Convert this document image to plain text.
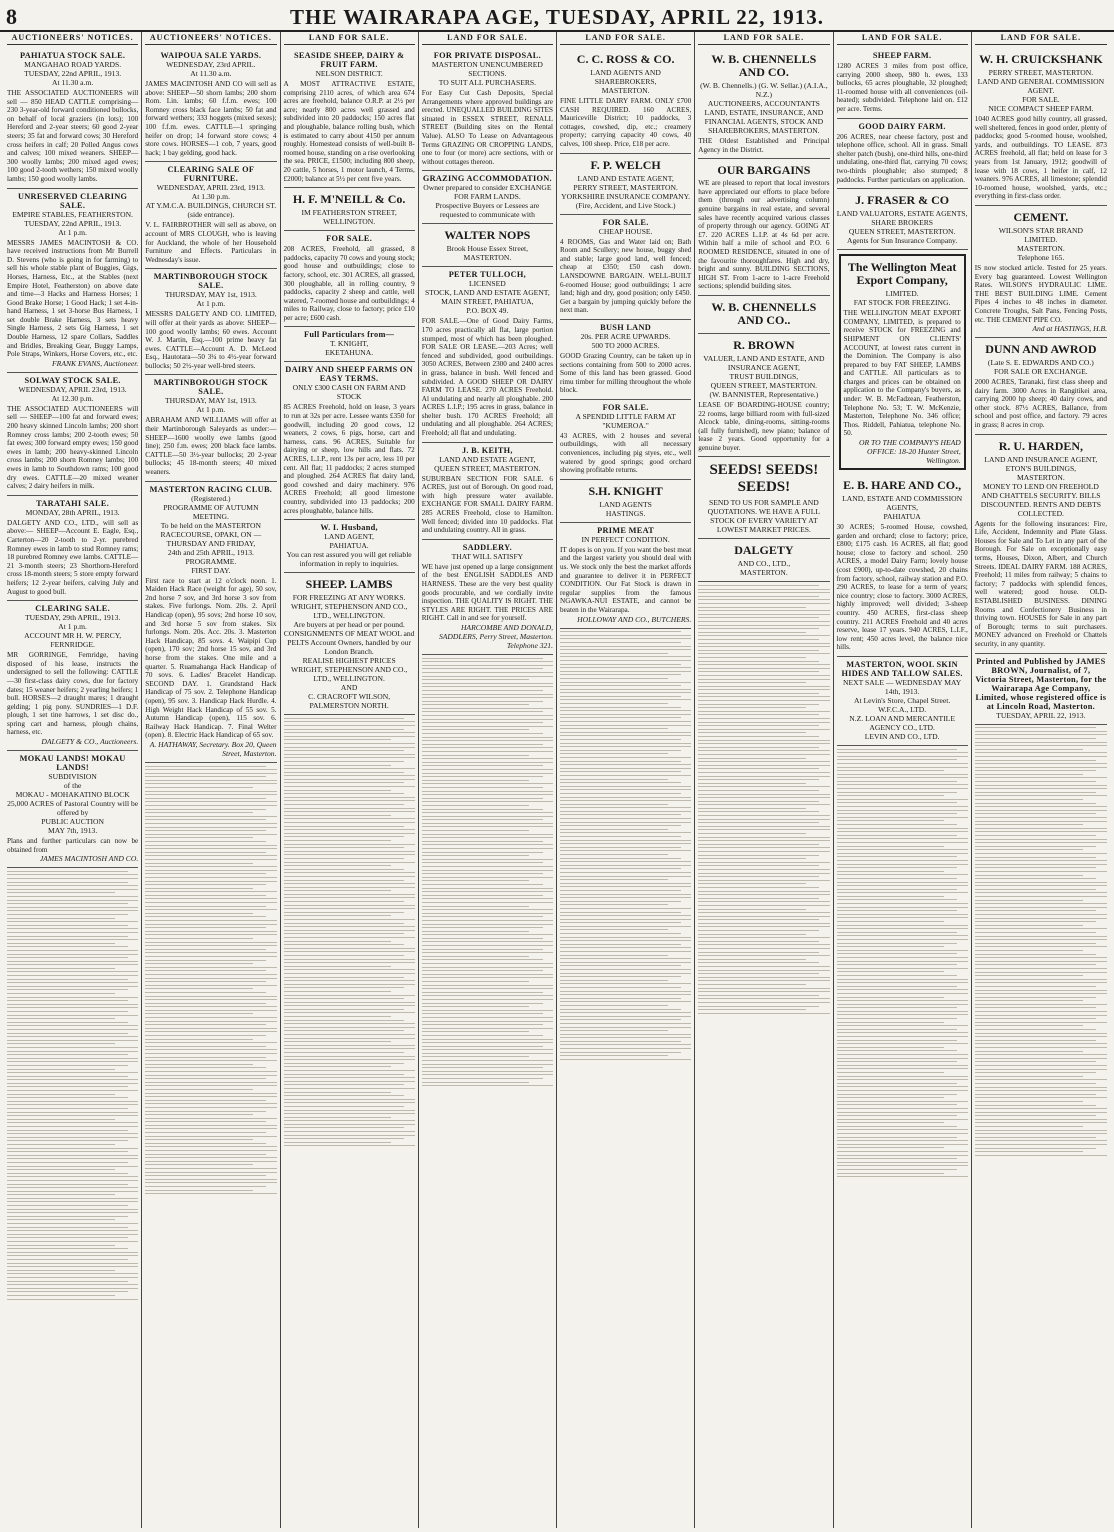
8	THE WAIRARAPA AGE, TUESDAY, APRIL 22, 1913.
AUCTIONEERS' NOTICES.
PAHIATUA STOCK SALE.
MANGAHAO ROAD YARDS.
TUESDAY, 22nd APRIL, 1913.
At 11.30 a.m.
THE ASSOCIATED AUCTIONEERS will sell — 850 HEAD CATTLE comprising—230 3-year-old forward conditioned bullocks, on behalf of local graziers (in lots); 100 Hereford and 2-year steers; 60 good 2-year steers; 35 fat and forward cows; 30 Hereford cross heifers in calf; 20 Polled Angus cows and calves; 100 mixed weaners. SHEEP—300 woolly lambs; 200 mixed aged ewes; 100 good 2-tooth wethers; 150 mixed woolly lambs; 150 good woolly lambs.
UNRESERVED CLEARING SALE.
EMPIRE STABLES, FEATHERSTON.
TUESDAY, 22nd APRIL, 1913.
At 1 p.m.
MESSRS JAMES MACINTOSH & CO. have received instructions from Mr Burrell D. Stevens (who is going in for farming) to sell his whole stable plant of Buggies, Gigs, Horses, Harness, Etc., at the Stables (next Empire Hotel, Featherston) on above date and time—3 Hacks and Harness Horses; 1 Good Brake Horse; 1 Good Hack; 1 set 4-in-hand Harness, 1 set 3-horse Bus Harness, 1 set double Brake Harness, 3 sets heavy Single Harness, 2 sets Gig Harness, 1 set Double Harness, 12 spare Collars, Saddles and Bridles, Breaking Gear, Buggy Lamps, Pole Straps, Winkers, Horse Covers, etc., etc.
FRANK EVANS, Auctioneer.
SOLWAY STOCK SALE.
WEDNESDAY, APRIL 23rd, 1913.
At 12.30 p.m.
THE ASSOCIATED AUCTIONEERS will sell — SHEEP—100 fat and forward ewes; 200 heavy skinned Lincoln lambs; 200 short Romney cross lambs; 200 2-tooth ewes; 50 fat ewes; 300 forward empty ewes; 150 good ewes in lamb; 200 heavy-skinned Lincoln cross lambs; 200 shorn Romney lambs; 100 ewes in lamb to Southdown rams; 100 good dry ewes. CATTLE—20 mixed weaner calves; 2 dairy heifers in milk.
TARATAHI SALE.
MONDAY, 28th APRIL, 1913.
DALGETY AND CO., LTD., will sell as above:— SHEEP—Account E. Eagle, Esq., Carterton—20 2-tooth to 2-yr. purebred Romney ewes in lamb to stud Romney rams; 18 purebred Romney ewe lambs. CATTLE—21 3-month steers; 23 Shorthorn-Hereford cross 18-month steers; 5 store empty forward heifers; 12 2-year heifers, calving July and August to good bull.
CLEARING SALE.
TUESDAY, 29th APRIL, 1913.
At 1 p.m.
ACCOUNT MR H. W. PERCY, FERNRIDGE.
MR GORRINGE, Fernridge, having disposed of his lease, instructs the undersigned to sell the following: CATTLE—30 first-class dairy cows, due for factory dates; 15 weaner heifers; 2 yearling heifers; 1 bull. HORSES—2 draught mares; 1 draught gelding; 1 pig pony. SUNDRIES—1 D.F. plough, 1 set tine harrows, 1 set disc do., spring cart and harness, plough chains, harness, etc.
DALGETY & CO., Auctioneers.
MOKAU LANDS! MOKAU LANDS!
SUBDIVISION
of the
MOKAU - MOHAKATINO BLOCK
25,000 ACRES of Pastoral Country will be offered by
PUBLIC AUCTION
MAY 7th, 1913.
Plans and further particulars can now be obtained from
JAMES MACINTOSH AND CO.
AUCTIONEERS' NOTICES.
WAIPOUA SALE YARDS.
WEDNESDAY, 23rd APRIL.
At 11.30 a.m.
JAMES MACINTOSH AND CO will sell as above: SHEEP—50 shorn lambs; 200 shorn Rom. Lin. lambs; 60 f.f.m. ewes; 100 Romney cross black face lambs; 50 fat and forward wethers; 333 hoggets (mixed sexes); 100 f.f.m. ewes. CATTLE—1 springing heifer on drop; 14 forward store cows; 4 store cows. HORSES—1 cob, 7 years, good hack; 1 bay gelding, good hack.
CLEARING SALE OF FURNITURE.
WEDNESDAY, APRIL 23rd, 1913.
At 1.30 p.m.
AT Y.M.C.A. BUILDINGS, CHURCH ST. (side entrance).
V. L. FAIRBROTHER will sell as above, on account of MRS CLOUGH, who is leaving for Auckland, the whole of her Household Furniture and Effects. Particulars in Wednesday's issue.
MARTINBOROUGH STOCK SALE.
THURSDAY, MAY 1st, 1913.
At 1 p.m.
MESSRS DALGETY AND CO. LIMITED, will offer at their yards as above: SHEEP—100 good woolly lambs; 60 ewes. Account W. J. Martin, Esq.—100 prime heavy fat ewes. CATTLE—Account A. D. McLeod Esq., Hautotara—50 3¼ to 4½-year forward bullocks; 50 2½-year well-bred steers.
MARTINBOROUGH STOCK SALE.
THURSDAY, MAY 1st, 1913.
At 1 p.m.
ABRAHAM AND WILLIAMS will offer at their Martinborough Saleyards as under:— SHEEP—1600 woolly ewe lambs (good line); 250 f.m. ewes; 200 black face lambs. CATTLE—50 3½-year bullocks; 20 2-year bullocks; 45 18-month steers; 40 mixed weaners.
MASTERTON RACING CLUB.
(Registered.)
PROGRAMME OF AUTUMN MEETING.
To be held on the MASTERTON RACECOURSE, OPAKI, ON —
THURSDAY AND FRIDAY,
24th and 25th APRIL, 1913.
PROGRAMME.
FIRST DAY.
First race to start at 12 o'clock noon. 1. Maiden Hack Race (weight for age), 50 sov, 2nd horse 7 sov, and 3rd horse 3 sov from stakes. Five furlongs. Nom. 20s. 2. April Handicap (open), 95 sovs; 2nd horse 10 sov, and 3rd horse 5 sov from stakes. Six furlongs. Nom. 20s. Acc. 20s. 3. Masterton Hack Handicap, 85 sovs. 4. Waipipi Cup (open), 170 sov; 2nd horse 15 sov, and 3rd horse from the stakes. One mile and a quarter. 5. Ruamahanga Hack Handicap of 70 sovs. 6. Ladies' Bracelet Handicap. SECOND DAY. 1. Grandstand Hack Handicap of 75 sov. 2. Telephone Handicap (open), 95 sov. 3. Handicap Hack Hurdle. 4. High Weight Hack Handicap of 55 sov. 5. Autumn Handicap (open), 115 sov. 6. Railway Hack Handicap. 7. Final Welter (open). 8. Electric Hack Handicap of 65 sov.
A. HATHAWAY, Secretary. Box 20, Queen Street, Masterton.
LAND FOR SALE.
SEASIDE SHEEP, DAIRY & FRUIT FARM.
NELSON DISTRICT.
A MOST ATTRACTIVE ESTATE, comprising 2110 acres, of which area 674 acres are freehold, balance O.R.P. at 2½ per acre; nearly 800 acres well grassed and subdivided into 20 paddocks; 150 acres flat and ploughable, balance rolling bush, which is estimated to carry about 4150 per annum roughly. Homestead consists of well-built 8-roomed house, standing on a rise overlooking the sea. PRICE, £1500; including 800 sheep, 20 cattle, 5 horses, 1 motor launch, 4 Terms, £2000; balance at 5½ per cent five years.
H. F. M'NEILL & Co.
IM FEATHERSTON STREET, WELLINGTON.
FOR SALE.
208 ACRES, Freehold, all grassed, 8 paddocks, capacity 70 cows and young stock; good house and outbuildings; close to factory, school, etc. 301 ACRES, all grassed, 300 ploughable, all in rolling country, 9 paddocks, capacity 2 sheep and cattle, well watered, 7-roomed house and outbuildings; 4 miles to Railway, close to factory; price £10 per acre; £600 cash.
Full Particulars from—
T. KNIGHT,
EKETAHUNA.
DAIRY AND SHEEP FARMS ON EASY TERMS.
ONLY £300 CASH ON FARM AND STOCK
85 ACRES Freehold, hold on lease, 3 years to run at 32s per acre. Lessee wants £350 for goodwill, including 20 good cows, 12 weaners, 2 cows, 6 pigs, horse, cart and harness, cans. 96 ACRES, Suitable for dairying or sheep, low hills and flats. 72 ACRES, L.I.P., rent 13s per acre, less 10 per cent. All flat; 11 paddocks; 2 acres stumped and ploughed. 264 ACRES flat dairy land, good cowshed and dairy machinery. 976 ACRES Freehold; all good limestone country, subdivided into 13 paddocks; 200 acres ploughable, balance hills.
W. I. Husband,
LAND AGENT,
PAHIATUA.
You can rest assured you will get reliable information in reply to inquiries.
SHEEP. LAMBS
FOR FREEZING AT ANY WORKS.
WRIGHT, STEPHENSON AND CO., LTD., WELLINGTON.
Are buyers at per head or per pound.
CONSIGNMENTS OF MEAT WOOL and PELTS Account Owners, handled by our London Branch.
REALISE HIGHEST PRICES
WRIGHT, STEPHENSON AND CO., LTD., WELLINGTON.
AND
C. CRACROFT WILSON, PALMERSTON NORTH.
LAND FOR SALE.
FOR PRIVATE DISPOSAL.
MASTERTON UNENCUMBERED SECTIONS.
TO SUIT ALL PURCHASERS.
For Easy Cut Cash Deposits, Special Arrangements where approved buildings are erected. UNEQUALLED BUILDING SITES situated in ESSEX STREET, RENALL STREET (Building sites on the Rental Value). ALSO To Lease on Advantageous Terms GRAZING OR CROPPING LANDS, one to four (or more) acre sections, with or without cottages thereon.
GRAZING ACCOMMODATION.
Owner prepared to consider EXCHANGE FOR FARM LANDS.
Prospective Buyers or Lessees are requested to communicate with
WALTER NOPS
Brook House Essex Street,
MASTERTON.
PETER TULLOCH,
LICENSED
STOCK, LAND AND ESTATE AGENT,
MAIN STREET, PAHIATUA,
P.O. BOX 49.
FOR SALE.—One of Good Dairy Farms, 170 acres practically all flat, large portion stumped, most of which has been ploughed. FOR SALE OR LEASE.—203 Acres; well fenced and subdivided, good outbuildings. 3050 ACRES, Between 2300 and 2400 acres in grass, balance in bush. Well fenced and subdivided. A GOOD SHEEP OR DAIRY FARM TO LEASE. 270 ACRES Freehold. Al undulating and nearly all ploughable. 200 ACRES L.I.P.; 195 acres in grass, balance in shelter bush. 170 ACRES Freehold; all undulating and all ploughable. 264 ACRES; Freehold; all flat and undulating.
J. B. KEITH,
LAND AND ESTATE AGENT,
QUEEN STREET, MASTERTON.
SUBURBAN SECTION FOR SALE. 6 ACRES, just out of Borough. On good road, with high pressure water available. EXCHANGE FOR SMALL DAIRY FARM. 285 ACRES Freehold, close to Hamilton. Well fenced; divided into 10 paddocks. Flat and undulating country. All in grass.
SADDLERY.
THAT WILL SATISFY
WE have just opened up a large consignment of the best ENGLISH SADDLES AND HARNESS. These are the very best quality goods procurable, and we cordially invite inspection. THE QUALITY IS RIGHT. THE STYLES ARE RIGHT. THE PRICES ARE RIGHT. Call in and see for yourself.
HARCOMBE AND DONALD, SADDLERS, Perry Street, Masterton. Telephone 321.
LAND FOR SALE.
C. C. ROSS & CO.
LAND AGENTS AND SHAREBROKERS,
MASTERTON.
FINE LITTLE DAIRY FARM. ONLY £700 CASH REQUIRED. 160 ACRES, Mauriceville District; 10 paddocks, 3 cottages, cowshed, dip, etc.; creamery property; carrying capacity 40 cows, 40 calves, 100 sheep. Price, £18 per acre.
F. P. WELCH
LAND AND ESTATE AGENT,
PERRY STREET, MASTERTON.
YORKSHIRE INSURANCE COMPANY.
(Fire, Accident, and Live Stock.)
FOR SALE.
CHEAP HOUSE.
4 ROOMS, Gas and Water laid on; Bath Room and Scullery; new house, buggy shed and stable; large good land, well fenced; cheap at £350; £50 cash down. LANSDOWNE BARGAIN. WELL-BUILT 6-roomed House; good outbuildings; 1 acre land; high and dry, good position; only £450. Get a bargain by jumping quickly before the next man.
BUSH LAND
20s. PER ACRE UPWARDS.
500 TO 2000 ACRES.
GOOD Grazing Country, can be taken up in sections containing from 500 to 2000 acres. Some of this land has been grassed. Good rimu timber for milling throughout the whole block.
FOR SALE.
A SPENDID LITTLE FARM AT
"KUMEROA."
43 ACRES, with 2 houses and several outbuildings, with all necessary conveniences, including pig styes, etc., well watered by good springs; good orchard showing profitable returns.
S.H. KNIGHT
LAND AGENTS
HASTINGS.
PRIME MEAT
IN PERFECT CONDITION.
IT dopes is on you. If you want the best meat and the largest variety you should deal with us. We stock only the best the market affords and guarantee to deliver it in PERFECT CONDITION. Our Fat Stock is drawn in regular supplies from the famous NGAWKA-NUI ESTATE, and cannot be beaten in the Wairarapa.
HOLLOWAY AND CO., BUTCHERS.
LAND FOR SALE.
W. B. CHENNELLS AND CO.
(W. B. Chennells.) (G. W. Sellar.) (A.I.A., N.Z.)
AUCTIONEERS, ACCOUNTANTS LAND, ESTATE, INSURANCE, AND FINANCIAL AGENTS, STOCK AND SHAREBROKERS, MASTERTON.
THE Oldest Established and Principal Agency in the District.
OUR BARGAINS
WE are pleased to report that local investors have appreciated our efforts to place before them (through our advertising column) genuine bargains in real estate, and several sales have recently acquired various classes of property through our agency. GOING AT £7. 220 ACRES L.I.P. at 4s 6d per acre. Within half a mile of school and P.O. 6 ROOMED RESIDENCE, situated in one of the favourite thoroughfares. High and dry, bright and sunny. BUILDING SECTIONS, HIGH ST. From 1-acre to 1-acre Freehold sections; splendid building sites.
W. B. CHENNELLS AND CO..
R. BROWN
VALUER, LAND AND ESTATE, AND INSURANCE AGENT,
TRUST BUILDINGS,
QUEEN STREET, MASTERTON.
(W. BANNISTER, Representative.)
LEASE OF BOARDING-HOUSE country; 22 rooms, large billiard room with full-sized Alcock table, dining-rooms, sitting-rooms (all fully furnished), new piano; balance of lease 2 years. Good opportunity for a genuine buyer.
SEEDS! SEEDS! SEEDS!
SEND TO US FOR SAMPLE AND QUOTATIONS. WE HAVE A FULL STOCK OF EVERY VARIETY AT LOWEST MARKET PRICES.
DALGETY
AND CO., LTD.,
MASTERTON.
LAND FOR SALE.
SHEEP FARM.
1280 ACRES 3 miles from post office, carrying 2000 sheep, 980 h. ewes, 133 bullocks, 65 acres ploughable, 32 ploughed; 11-roomed house with all conveniences (oil-heated); subdivided. Telephone laid on. £12 per acre. Terms.
GOOD DAIRY FARM.
206 ACRES, near cheese factory, post and telephone office, school. All in grass. Small shelter patch (bush), one-third hills, one-third undulating, one-third flat, carrying 70 cows; two-thirds ploughable; also stumped; 8 paddocks. Further particulars on application.
J. FRASER & CO
LAND VALUATORS, ESTATE AGENTS, SHARE BROKERS
QUEEN STREET, MASTERTON.
Agents for Sun Insurance Company.
The Wellington Meat Export Company,
LIMITED.
FAT STOCK FOR FREEZING.
THE WELLINGTON MEAT EXPORT COMPANY, LIMITED, is prepared to receive STOCK for FREEZING and SHIPMENT ON CLIENTS' ACCOUNT, at lowest rates current in the Dominion. The Company is also prepared to buy FAT SHEEP, LAMBS and CATTLE. All particulars as to charges and prices can be obtained on application to the Company's buyers, as under: W. B. McFadzean, Featherston, Telephone No. 53; T. W. McKenzie, Masterton, Telephone No. 346 office; Thos. Riddell, Pahiatua, telephone No. 50.
OR TO THE COMPANY'S HEAD OFFICE: 18-20 Hunter Street, Wellington.
E. B. HARE AND CO.,
LAND, ESTATE AND COMMISSION AGENTS,
PAHIATUA
30 ACRES; 5-roomed House, cowshed, garden and orchard; close to factory; price, £800; £175 cash. 16 ACRES, all flat; good house; close to factory and school. 250 ACRES, a model Dairy Farm; lovely house (cost £900), up-to-date cowshed, 20 chains from factory, school, railway station and P.O. 290 ACRES, to lease for a term of years; nice country; close to factory. 3000 ACRES, highly improved; well divided; 3-sheep country. 450 ACRES, first-class sheep country. 211 ACRES Freehold and 40 acres reserve, lease 17 years. 940 ACRES, L.I.F., low rent; 450 acres level, the balance nice hills.
MASTERTON, WOOL SKIN HIDES AND TALLOW SALES.
NEXT SALE — WEDNESDAY MAY 14th, 1913.
At Levin's Store, Chapel Street.
W.F.C.A., LTD.
N.Z. LOAN AND MERCANTILE AGENCY CO., LTD.
LEVIN AND CO., LTD.
LAND FOR SALE.
W. H. CRUICKSHANK
PERRY STREET, MASTERTON.
LAND AND GENERAL COMMISSION AGENT.
FOR SALE.
NICE COMPACT SHEEP FARM.
1040 ACRES good hilly country, all grassed, well sheltered, fences in good order, plenty of paddocks; good 5-roomed house, woolshed, yards, and outbuildings. TO LEASE. 873 ACRES freehold, all flat; held on lease for 3 years from 1st January, 1912; goodwill of lease with 18 cows, 1 heifer in calf, 12 weaners. 976 ACRES, all limestone; splendid 10-roomed house, woolshed, yards, etc.; everything in first-class order.
CEMENT.
WILSON'S STAR BRAND
LIMITED.
MASTERTON.
Telephone 165.
IS now stocked article. Tested for 25 years. Every bag guaranteed. Lowest Wellington Rates. WILSON'S HYDRAULIC LIME. THE BEST BUILDING LIME. Cement Pipes 4 inches to 48 inches in diameter. Concrete Troughs, Salt Pans, Fencing Posts, etc. THE CEMENT PIPE CO.
And at HASTINGS, H.B.
DUNN AND AWROD
(Late S. E. EDWARDS AND CO.)
FOR SALE OR EXCHANGE.
2000 ACRES, Taranaki, first class sheep and dairy farm. 3000 Acres in Rangitikei area, carrying 2000 hp sheep; 40 dairy cows, and other stock. 87½ ACRES, Ballance, from school and post office, and factory. 79 acres in grass; 8 acres in crop.
R. U. HARDEN,
LAND AND INSURANCE AGENT,
ETON'S BUILDINGS,
MASTERTON.
MONEY TO LEND ON FREEHOLD AND CHATTELS SECURITY. BILLS DISCOUNTED. RENTS AND DEBTS COLLECTED.
Agents for the following insurances: Fire, Life, Accident, Indemnity and Plate Glass. Houses for Sale and To Let in any part of the Borough. For Sale on exceptionally easy terms, Houses, Dixon, Albert, and Church Streets. IDEAL DAIRY FARM. 188 ACRES, Freehold; 11 miles from railway; 5 chains to factory; 7 paddocks with splendid fences, well watered; good house. OLD-ESTABLISHED BUSINESS. DINING Rooms and Confectionery Business in thriving town. HOUSES for Sale in any part of Borough; terms to suit purchasers. MONEY advanced on Freehold or Chattels security, in any quantity.
Printed and Published by JAMES BROWN, Journalist, of 7, Victoria Street, Masterton, for the Wairarapa Age Company, Limited, whose registered office is at Lincoln Road, Masterton.
TUESDAY, APRIL 22, 1913.
